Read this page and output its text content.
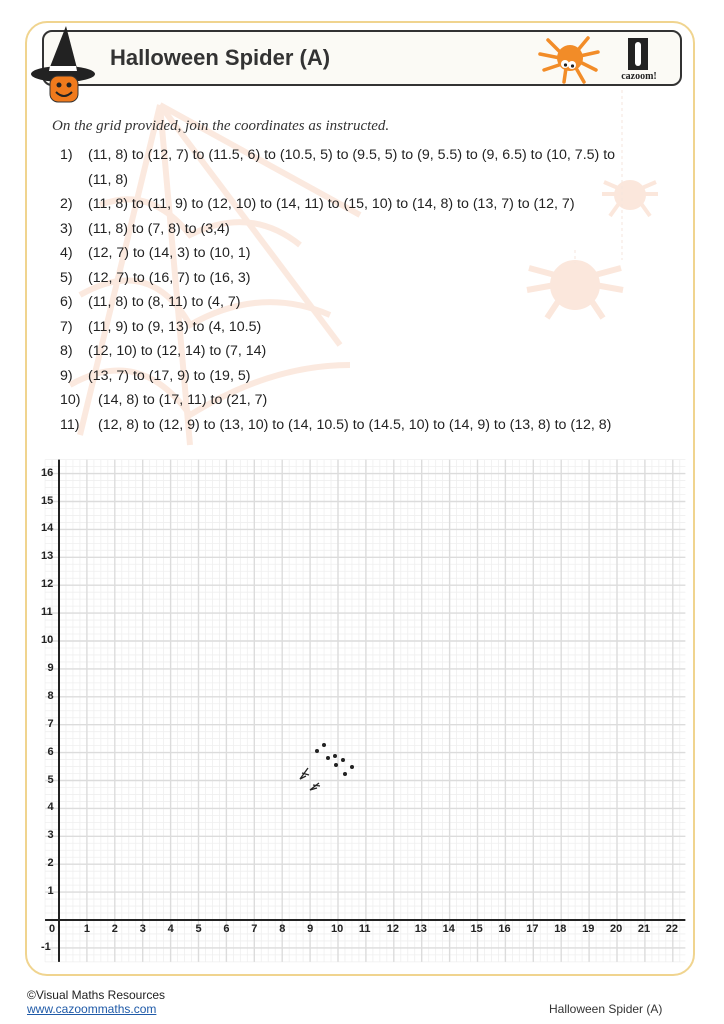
Halloween Spider (A)
cazoom!
On the grid provided, join the coordinates as instructed.
1)	(11, 8) to (12, 7) to (11.5, 6) to (10.5, 5) to (9.5, 5) to (9, 5.5) to (9, 6.5) to (10, 7.5) to
(11, 8)
2)	(11, 8) to (11, 9) to (12, 10) to (14, 11) to (15, 10) to (14, 8) to (13, 7) to (12, 7)
3)	(11, 8) to (7, 8) to (3,4)
4)	(12, 7) to (14, 3) to (10, 1)
5)	(12, 7) to (16, 7) to (16, 3)
6)	(11, 8) to (8, 11) to (4, 7)
7)	(11, 9) to (9, 13) to (4, 10.5)
8)	(12, 10) to (12, 14) to (7, 14)
9)	(13, 7) to (17, 9) to (19, 5)
10)	(14, 8) to (17, 11) to (21, 7)
11)	(12, 8) to (12, 9) to (13, 10) to (14, 10.5) to (14.5, 10) to (14, 9) to (13, 8) to (12, 8)
0	1 2 3 4 5 6 7 8 9 10 11 12 13 14 15 16 17 18 19 20 21 22
-1
1
2
3
4
5
6
7
8
9
10
11
12
13
14
15
16
©Visual Maths Resources
www.cazoommaths.com	Halloween Spider (A)
